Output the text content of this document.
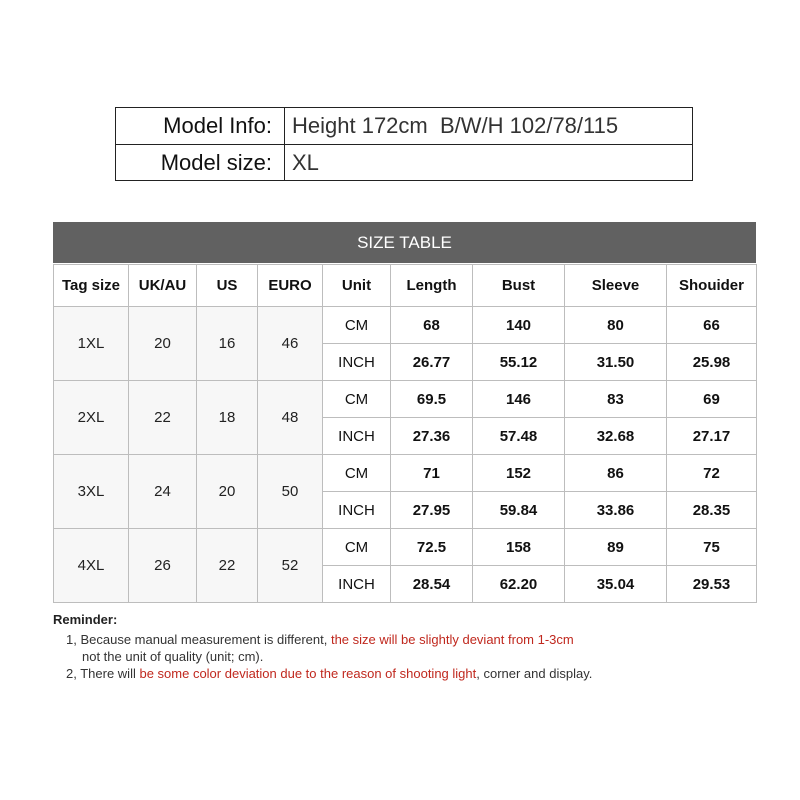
Model Info: Height 172cm  B/W/H 102/78/115
Model size: XL
SIZE TABLE
Tag size	UK/AU	US	EURO	Unit	Length	Bust	Sleeve	Shouider
1XL	20	16	46	CM	68	140	80	66
				INCH	26.77	55.12	31.50	25.98
2XL	22	18	48	CM	69.5	146	83	69
				INCH	27.36	57.48	32.68	27.17
3XL	24	20	50	CM	71	152	86	72
				INCH	27.95	59.84	33.86	28.35
4XL	26	22	52	CM	72.5	158	89	75
				INCH	28.54	62.20	35.04	29.53
Reminder:
1, Because manual measurement is different, the size will be slightly deviant from 1-3cm
not the unit of quality (unit; cm).
2, There will be some color deviation due to the reason of shooting light, corner and display.
